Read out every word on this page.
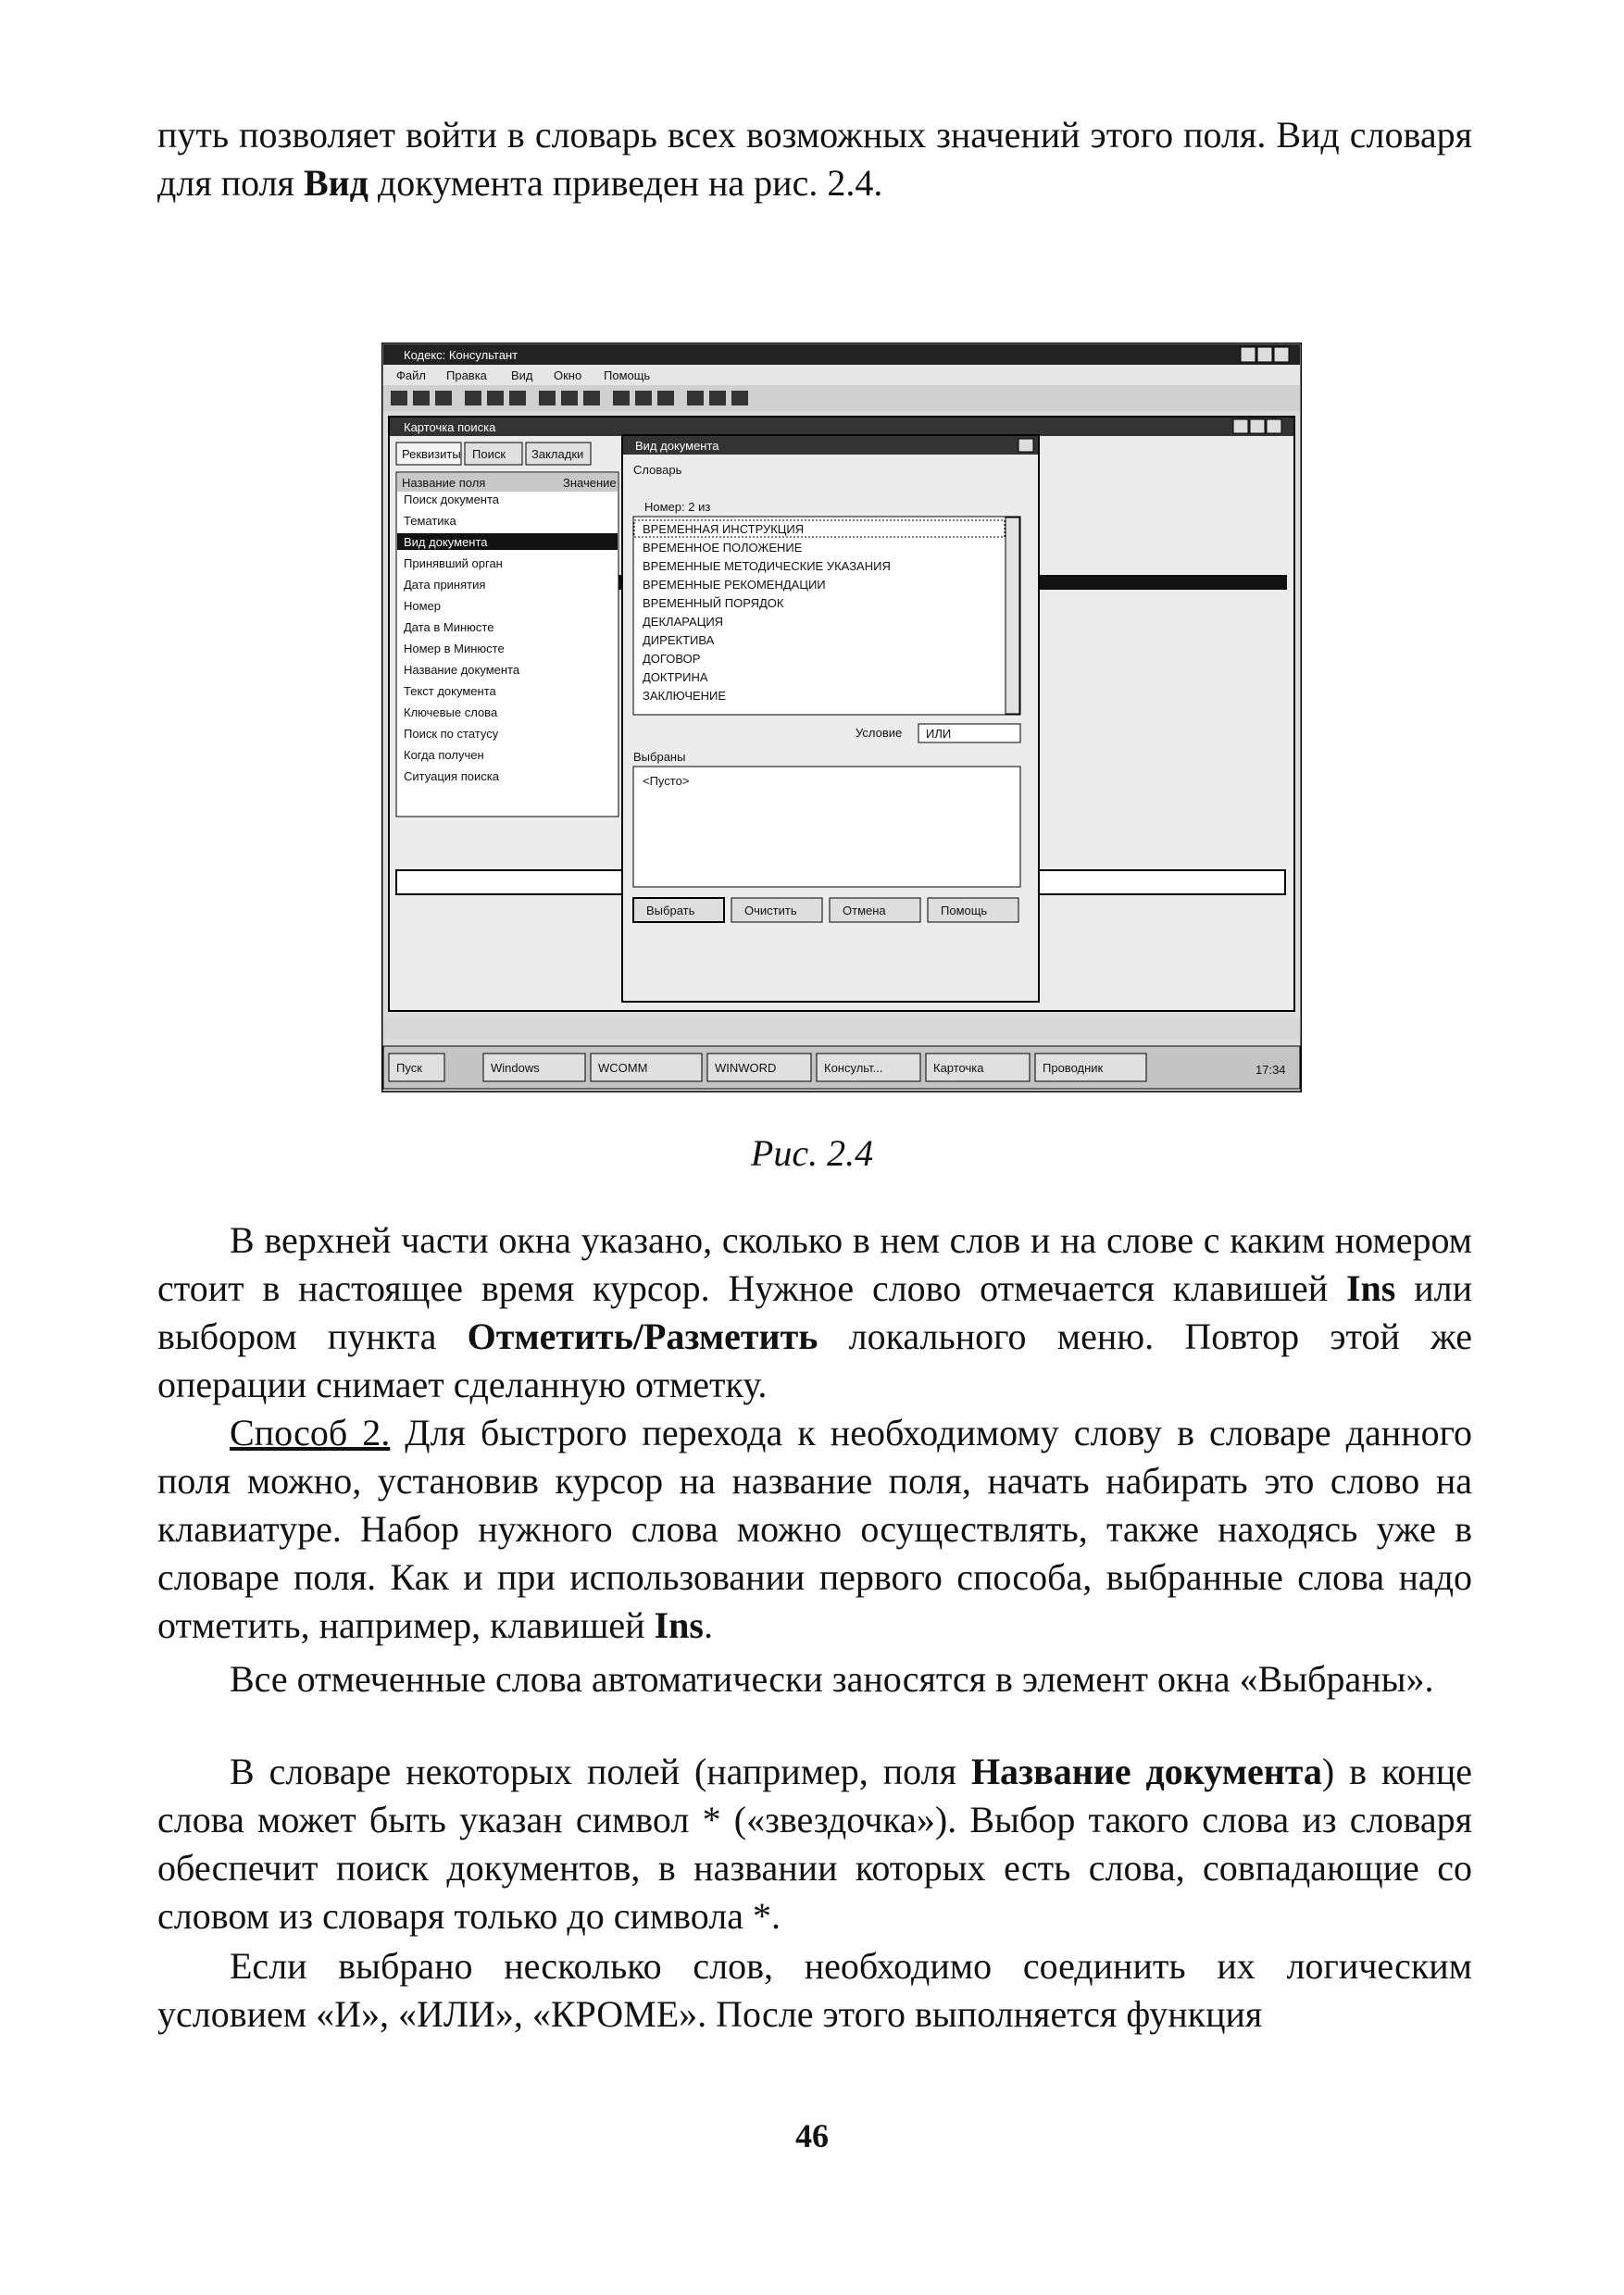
путь позволяет войти в словарь всех возможных значений этого поля. Вид словаря для поля Вид документа приведен на рис. 2.4.
Кодекс: Консультант
Файл Правка Вид Окно Помощь
Карточка поиска
Реквизиты Поиск Закладки
Название поля	Значение
Поиск документа
Тематика
Вид документа
Принявший орган
Дата принятия
Номер
Дата в Минюсте
Номер в Минюсте
Название документа
Текст документа
Ключевые слова
Поиск по статусу
Когда получен
Ситуация поиска
Вид документа
Словарь
Номер: 2 из
ВРЕМЕННАЯ ИНСТРУКЦИЯ
ВРЕМЕННОЕ ПОЛОЖЕНИЕ
ВРЕМЕННЫЕ МЕТОДИЧЕСКИЕ УКАЗАНИЯ
ВРЕМЕННЫЕ РЕКОМЕНДАЦИИ
ВРЕМЕННЫЙ ПОРЯДОК
ДЕКЛАРАЦИЯ
ДИРЕКТИВА
ДОГОВОР
ДОКТРИНА
ЗАКЛЮЧЕНИЕ
Условие ИЛИ
Выбраны
<Пусто>
Выбрать	Очистить	Отмена	Помощь
Пуск	Windows	WCOMM	WINWORD	Консульт...	Карточка	Проводник	17:34
Рис. 2.4
В верхней части окна указано, сколько в нем слов и на слове с каким номером стоит в настоящее время курсор. Нужное слово отмечается клавишей Ins или выбором пункта Отметить/Разметить локального меню. Повтор этой же операции снимает сделанную отметку.
Способ 2. Для быстрого перехода к необходимому слову в словаре данного поля можно, установив курсор на название поля, начать набирать это слово на клавиатуре. Набор нужного слова можно осуществлять, также находясь уже в словаре поля. Как и при использовании первого способа, выбранные слова надо отметить, например, клавишей Ins.
Все отмеченные слова автоматически заносятся в элемент окна «Выбраны».
В словаре некоторых полей (например, поля Название документа) в конце слова может быть указан символ * («звездочка»). Выбор такого слова из словаря обеспечит поиск документов, в названии которых есть слова, совпадающие со словом из словаря только до символа *.
Если выбрано несколько слов, необходимо соединить их логическим условием «И», «ИЛИ», «КРОМЕ». После этого выполняется функция
46
